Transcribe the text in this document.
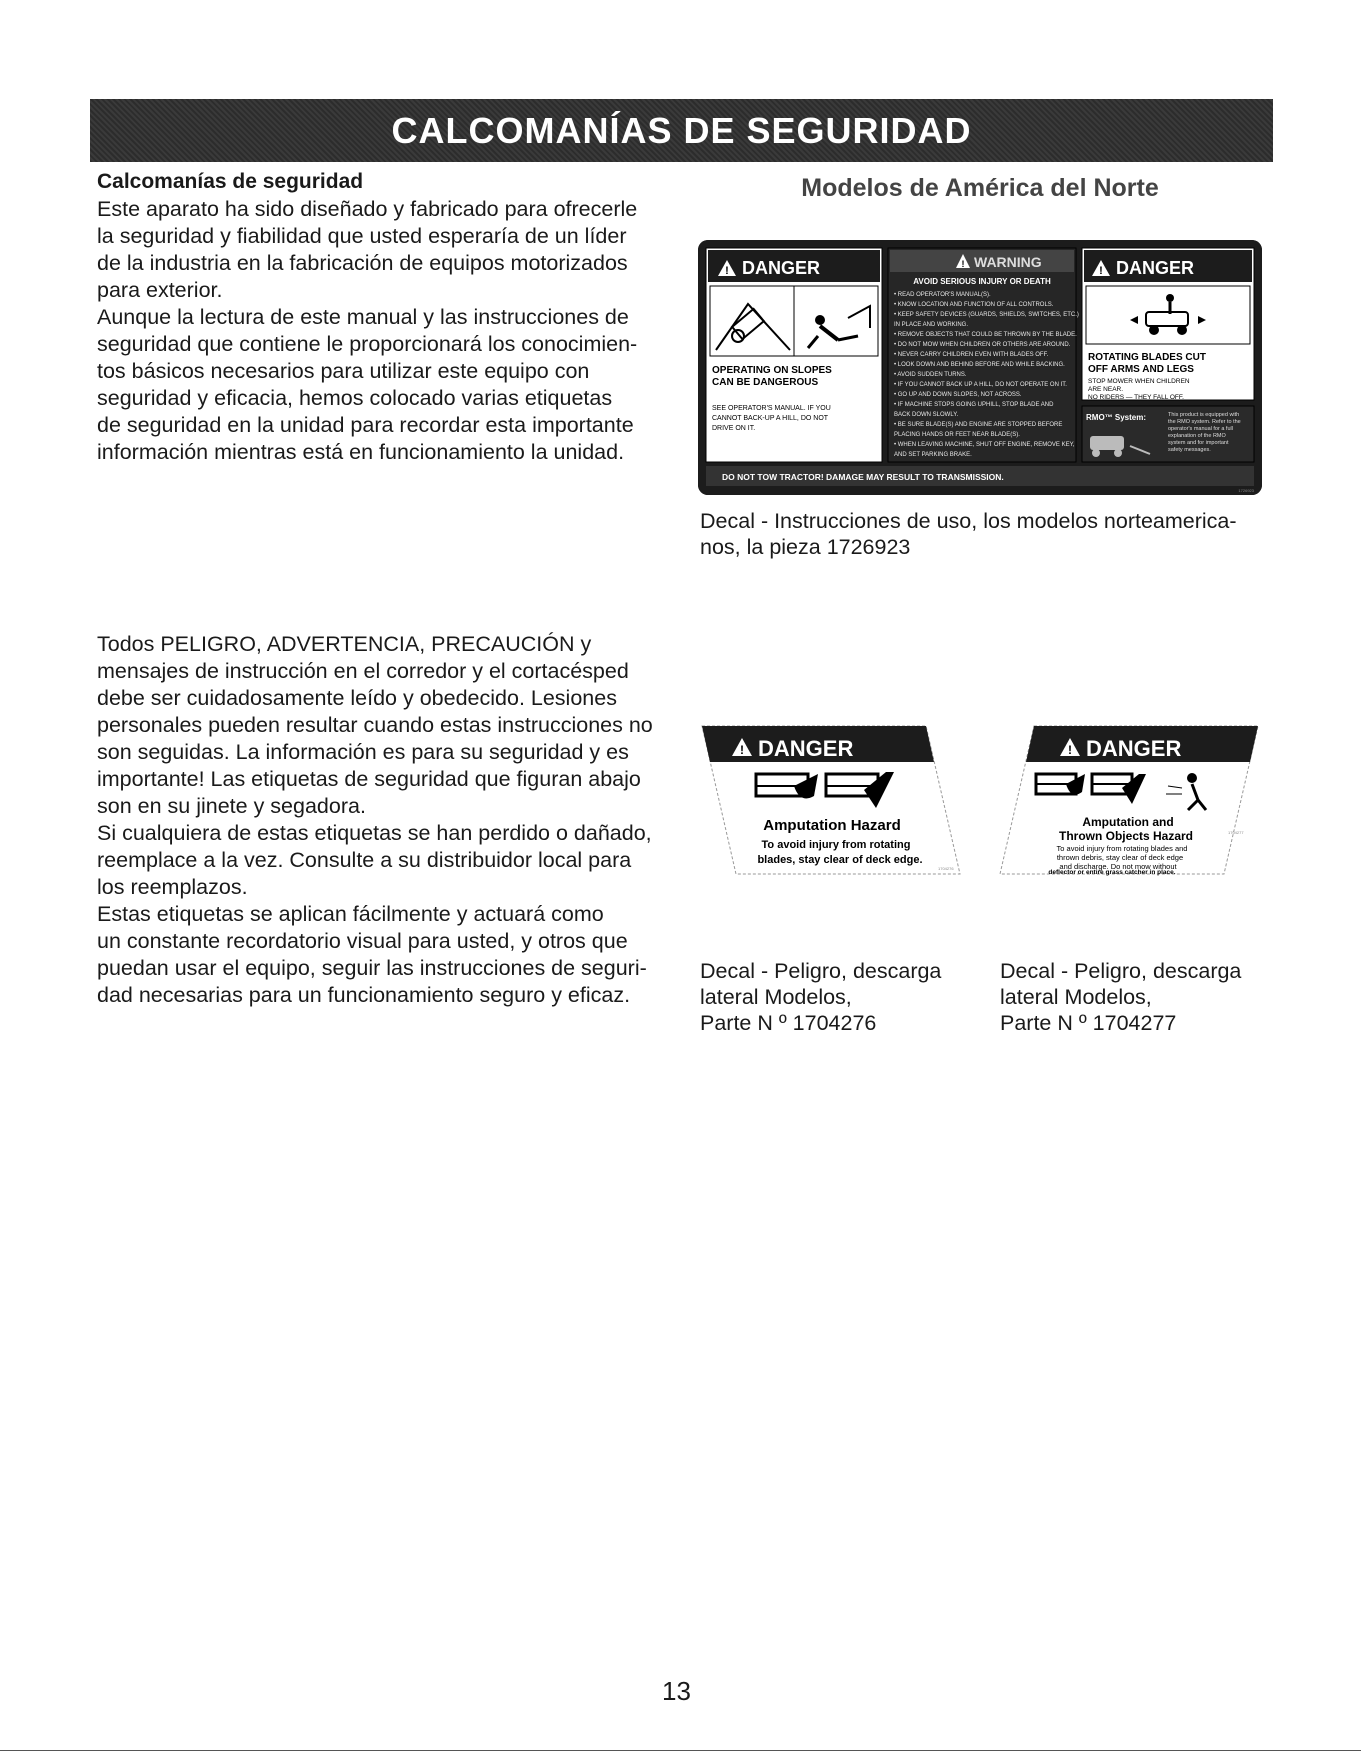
CALCOMANÍAS DE SEGURIDAD

Calcomanías de seguridad

Este aparato ha sido diseñado y fabricado para ofrecerle
la seguridad y fiabilidad que usted esperaría de un líder
de la industria en la fabricación de equipos motorizados
para exterior.
Aunque la lectura de este manual y las instrucciones de
seguridad que contiene le proporcionará los conocimien-
tos básicos necesarios para utilizar este equipo con
seguridad y eficacia, hemos colocado varias etiquetas
de seguridad en la unidad para recordar esta importante
información mientras está en funcionamiento la unidad.

Todos PELIGRO, ADVERTENCIA, PRECAUCIÓN y
mensajes de instrucción en el corredor y el cortacésped
debe ser cuidadosamente leído y obedecido. Lesiones
personales pueden resultar cuando estas instrucciones no
son seguidas. La información es para su seguridad y es
importante! Las etiquetas de seguridad que figuran abajo
son en su jinete y segadora.
Si cualquiera de estas etiquetas se han perdido o dañado,
reemplace a la vez. Consulte a su distribuidor local para
los reemplazos.
Estas etiquetas se aplican fácilmente y actuará como
un constante recordatorio visual para usted, y otros que
puedan usar el equipo, seguir las instrucciones de seguri-
dad necesarias para un funcionamiento seguro y eficaz.

Modelos de América del Norte
! DANGER
OPERATING ON SLOPES
CAN BE DANGEROUS
SEE OPERATOR'S MANUAL. IF YOU
CANNOT BACK-UP A HILL, DO NOT
DRIVE ON IT.
! WARNING
AVOID SERIOUS INJURY OR DEATH
• READ OPERATOR'S MANUAL(S).
• KNOW LOCATION AND FUNCTION OF ALL CONTROLS.
• KEEP SAFETY DEVICES (GUARDS, SHIELDS, SWITCHES, ETC.)
IN PLACE AND WORKING.
• REMOVE OBJECTS THAT COULD BE THROWN BY THE BLADE.
• DO NOT MOW WHEN CHILDREN OR OTHERS ARE AROUND.
• NEVER CARRY CHILDREN EVEN WITH BLADES OFF.
• LOOK DOWN AND BEHIND BEFORE AND WHILE BACKING.
• AVOID SUDDEN TURNS.
• IF YOU CANNOT BACK UP A HILL, DO NOT OPERATE ON IT.
• GO UP AND DOWN SLOPES, NOT ACROSS.
• IF MACHINE STOPS GOING UPHILL, STOP BLADE AND
BACK DOWN SLOWLY.
• BE SURE BLADE(S) AND ENGINE ARE STOPPED BEFORE
PLACING HANDS OR FEET NEAR BLADE(S).
• WHEN LEAVING MACHINE, SHUT OFF ENGINE, REMOVE KEY,
AND SET PARKING BRAKE.
! DANGER
ROTATING BLADES CUT
OFF ARMS AND LEGS
STOP MOWER WHEN CHILDREN
ARE NEAR.
NO RIDERS — THEY FALL OFF.
RMO™ System:	This product is equipped with
the RMO system. Refer to the
operator's manual for a full
explanation of the RMO
system and for important
safety messages.
DO NOT TOW TRACTOR! DAMAGE MAY RESULT TO TRANSMISSION.
1726923
Decal - Instrucciones de uso, los modelos norteamerica-
nos, la pieza 1726923
! DANGER
Amputation Hazard
To avoid injury from rotating
blades, stay clear of deck edge.
1704276
! DANGER
Amputation and
Thrown Objects Hazard
To avoid injury from rotating blades and
thrown debris, stay clear of deck edge
and discharge. Do not mow without
deflector or entire grass catcher in place.
1704277
Decal - Peligro, descarga
lateral Modelos,
Parte N º 1704276
Decal - Peligro, descarga
lateral Modelos,
Parte N º 1704277
13
